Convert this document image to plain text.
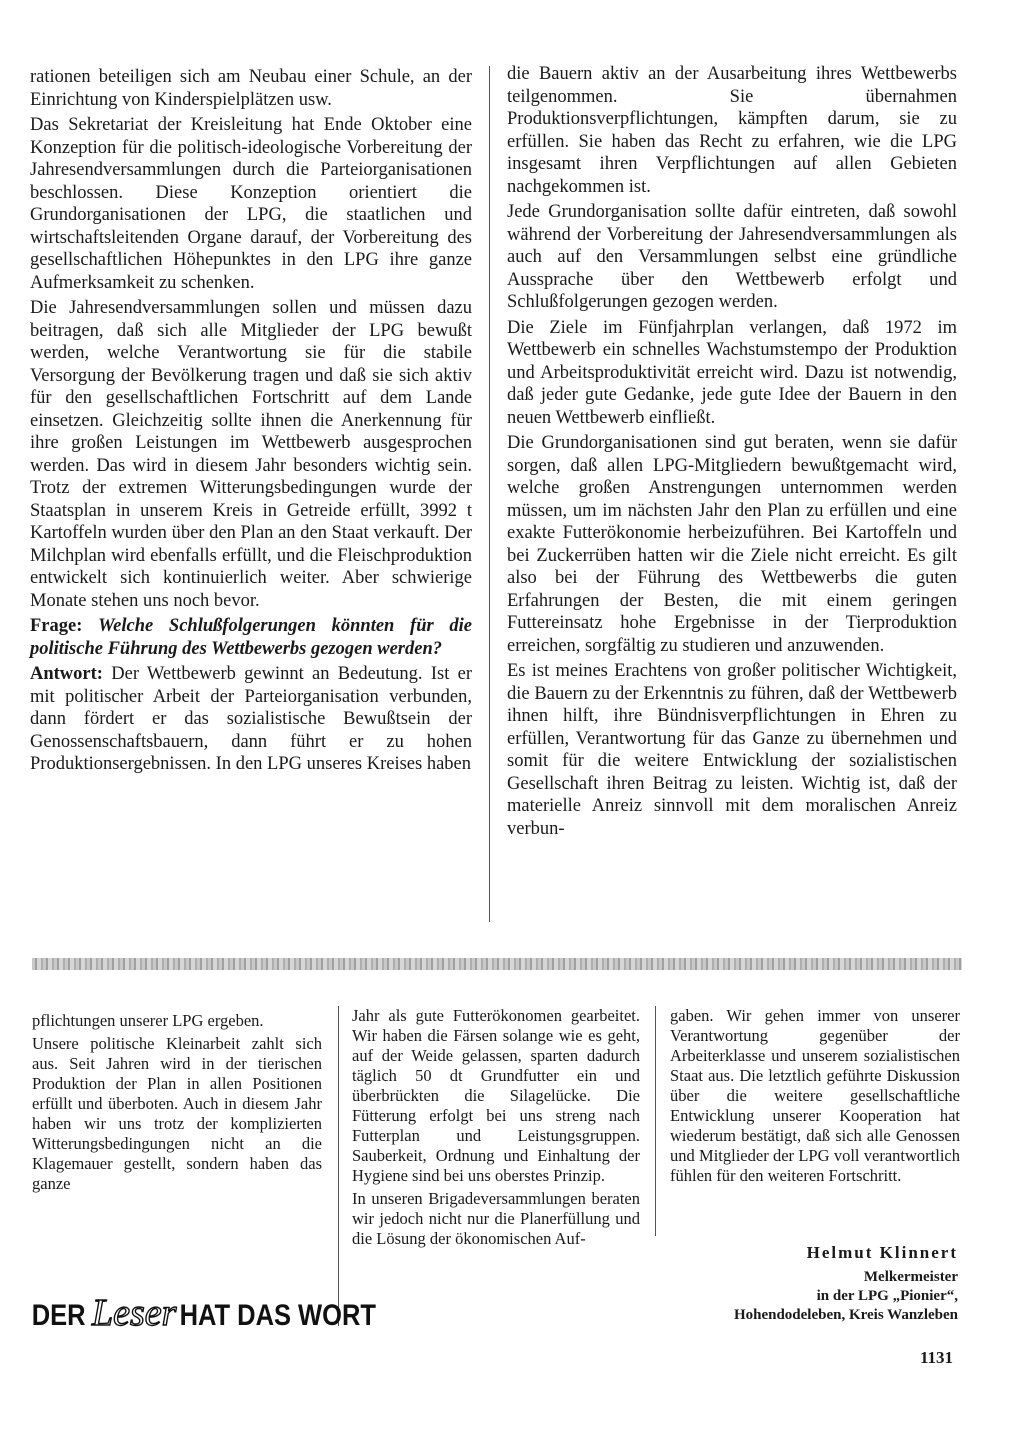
rationen beteiligen sich am Neubau einer Schule, an der Einrichtung von Kinderspielplätzen usw.

Das Sekretariat der Kreisleitung hat Ende Oktober eine Konzeption für die politisch-ideologische Vorbereitung der Jahresendversammlungen durch die Parteiorganisationen beschlossen. Diese Konzeption orientiert die Grundorganisationen der LPG, die staatlichen und wirtschaftsleitenden Organe darauf, der Vorbereitung des gesellschaftlichen Höhepunktes in den LPG ihre ganze Aufmerksamkeit zu schenken.

Die Jahresendversammlungen sollen und müssen dazu beitragen, daß sich alle Mitglieder der LPG bewußt werden, welche Verantwortung sie für die stabile Versorgung der Bevölkerung tragen und daß sie sich aktiv für den gesellschaftlichen Fortschritt auf dem Lande einsetzen. Gleichzeitig sollte ihnen die Anerkennung für ihre großen Leistungen im Wettbewerb ausgesprochen werden. Das wird in diesem Jahr besonders wichtig sein. Trotz der extremen Witterungsbedingungen wurde der Staatsplan in unserem Kreis in Getreide erfüllt, 3992 t Kartoffeln wurden über den Plan an den Staat verkauft. Der Milchplan wird ebenfalls erfüllt, und die Fleischproduktion entwickelt sich kontinuierlich weiter. Aber schwierige Monate stehen uns noch bevor.

Frage: Welche Schlußfolgerungen könnten für die politische Führung des Wettbewerbs gezogen werden?

Antwort: Der Wettbewerb gewinnt an Bedeutung. Ist er mit politischer Arbeit der Parteiorganisation verbunden, dann fördert er das sozialistische Bewußtsein der Genossenschaftsbauern, dann führt er zu hohen Produktionsergebnissen. In den LPG unseres Kreises haben

die Bauern aktiv an der Ausarbeitung ihres Wettbewerbs teilgenommen. Sie übernahmen Produktionsverpflichtungen, kämpften darum, sie zu erfüllen. Sie haben das Recht zu erfahren, wie die LPG insgesamt ihren Verpflichtungen auf allen Gebieten nachgekommen ist.

Jede Grundorganisation sollte dafür eintreten, daß sowohl während der Vorbereitung der Jahresendversammlungen als auch auf den Versammlungen selbst eine gründliche Aussprache über den Wettbewerb erfolgt und Schlußfolgerungen gezogen werden.

Die Ziele im Fünfjahrplan verlangen, daß 1972 im Wettbewerb ein schnelles Wachstumstempo der Produktion und Arbeitsproduktivität erreicht wird. Dazu ist notwendig, daß jeder gute Gedanke, jede gute Idee der Bauern in den neuen Wettbewerb einfließt.

Die Grundorganisationen sind gut beraten, wenn sie dafür sorgen, daß allen LPG-Mitgliedern bewußtgemacht wird, welche großen Anstrengungen unternommen werden müssen, um im nächsten Jahr den Plan zu erfüllen und eine exakte Futterökonomie herbeizuführen. Bei Kartoffeln und bei Zuckerrüben hatten wir die Ziele nicht erreicht. Es gilt also bei der Führung des Wettbewerbs die guten Erfahrungen der Besten, die mit einem geringen Futtereinsatz hohe Ergebnisse in der Tierproduktion erreichen, sorgfältig zu studieren und anzuwenden.

Es ist meines Erachtens von großer politischer Wichtigkeit, die Bauern zu der Erkenntnis zu führen, daß der Wettbewerb ihnen hilft, ihre Bündnisverpflichtungen in Ehren zu erfüllen, Verantwortung für das Ganze zu übernehmen und somit für die weitere Entwicklung der sozialistischen Gesellschaft ihren Beitrag zu leisten. Wichtig ist, daß der materielle Anreiz sinnvoll mit dem moralischen Anreiz verbun-

pflichtungen unserer LPG ergeben.

Unsere politische Kleinarbeit zahlt sich aus. Seit Jahren wird in der tierischen Produktion der Plan in allen Positionen erfüllt und überboten. Auch in diesem Jahr haben wir uns trotz der komplizierten Witterungsbedingungen nicht an die Klagemauer gestellt, sondern haben das ganze

Jahr als gute Futterökonomen gearbeitet. Wir haben die Färsen solange wie es geht, auf der Weide gelassen, sparten dadurch täglich 50 dt Grundfutter ein und überbrückten die Silagelücke. Die Fütterung erfolgt bei uns streng nach Futterplan und Leistungsgruppen. Sauberkeit, Ordnung und Einhaltung der Hygiene sind bei uns oberstes Prinzip.

In unseren Brigadeversammlungen beraten wir jedoch nicht nur die Planerfüllung und die Lösung der ökonomischen Auf-

gaben. Wir gehen immer von unserer Verantwortung gegenüber der Arbeiterklasse und unserem sozialistischen Staat aus. Die letztlich geführte Diskussion über die weitere gesellschaftliche Entwicklung unserer Kooperation hat wiederum bestätigt, daß sich alle Genossen und Mitglieder der LPG voll verantwortlich fühlen für den weiteren Fortschritt.

DER Leser HAT DAS WORT
Helmut Klinnert
Melkermeister
in der LPG „Pionier“,
Hohendodeleben, Kreis Wanzleben
1131
